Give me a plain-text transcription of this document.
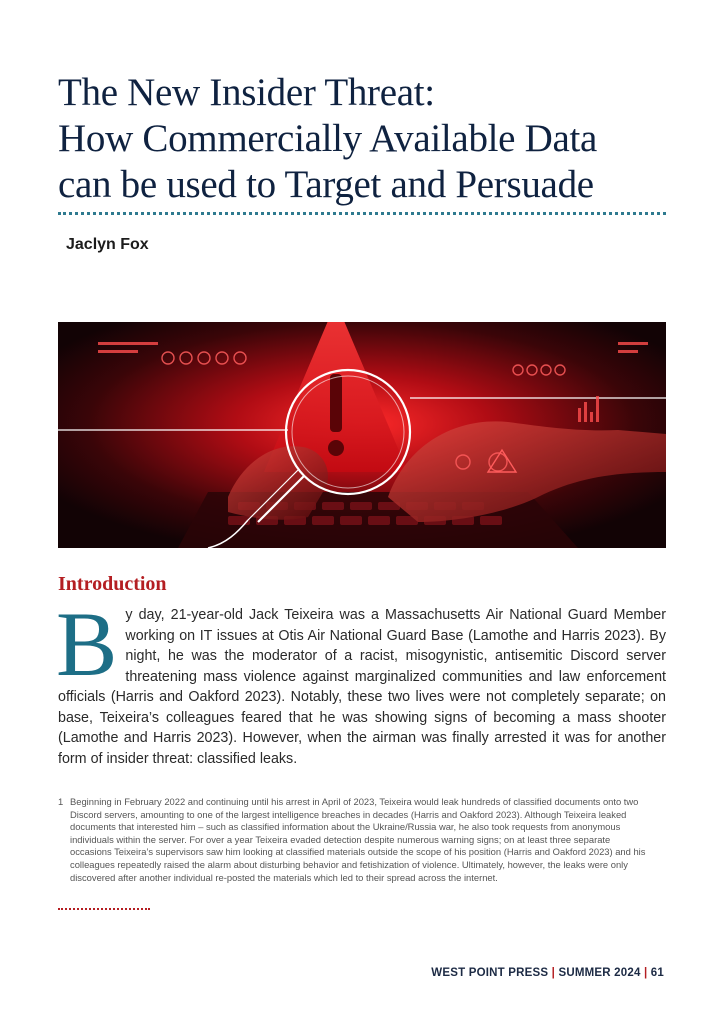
The New Insider Threat:
How Commercially Available Data
can be used to Target and Persuade

Jaclyn Fox

Introduction

By day, 21-year-old Jack Teixeira was a Massachusetts Air National Guard Member working on IT issues at Otis Air National Guard Base (Lamothe and Harris 2023). By night, he was the moderator of a racist, misogynistic, antisemitic Discord server threatening mass violence against marginalized communities and law enforcement officials (Harris and Oakford 2023). Notably, these two lives were not completely separate; on base, Teixeira’s colleagues feared that he was showing signs of becoming a mass shooter (Lamothe and Harris 2023). However, when the airman was finally arrested it was for another form of insider threat: classified leaks.

1 Beginning in February 2022 and continuing until his arrest in April of 2023, Teixeira would leak hundreds of classified documents onto two Discord servers, amounting to one of the largest intelligence breaches in decades (Harris and Oakford 2023). Although Teixeira leaked documents that interested him – such as classified information about the Ukraine/Russia war, he also took requests from anonymous individuals within the server. For over a year Teixeira evaded detection despite numerous warning signs; on at least three separate occasions Teixeira’s supervisors saw him looking at classified materials outside the scope of his position (Harris and Oakford 2023) and his colleagues repeatedly raised the alarm about disturbing behavior and fetishization of violence. Ultimately, however, the leaks were only discovered after another individual re-posted the materials which led to their spread across the internet.
WEST POINT PRESS | SUMMER 2024 | 61
